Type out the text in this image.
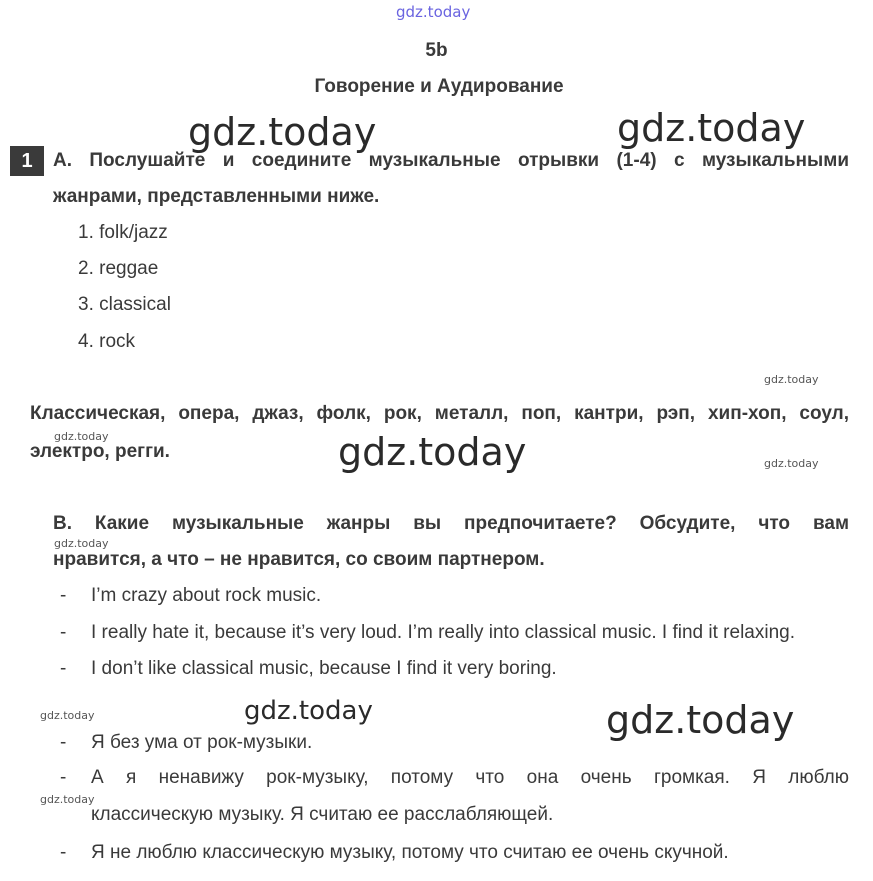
gdz.today
gdz.today	gdz.today
gdz.today
gdz.today	gdz.today	gdz.today
gdz.today
gdz.today	gdz.today	gdz.today
gdz.today
5b
Говорение и Аудирование
1	А. Послушайте и соедините музыкальные отрывки (1-4) с музыкальными
жанрами, представленными ниже.
1. folk/jazz
2. reggae
3. classical
4. rock
Классическая, опера, джаз, фолк, рок, металл, поп, кантри, рэп, хип-хоп, соул,
электро, регги.
B. Какие музыкальные жанры вы предпочитаете? Обсудите, что вам
нравится, а что – не нравится, со своим партнером.
- I’m crazy about rock music.
- I really hate it, because it’s very loud. I’m really into classical music. I find it relaxing.
- I don’t like classical music, because I find it very boring.
- Я без ума от рок-музыки.
- А я ненавижу рок-музыку, потому что она очень громкая. Я люблю
классическую музыку. Я считаю ее расслабляющей.
- Я не люблю классическую музыку, потому что считаю ее очень скучной.
